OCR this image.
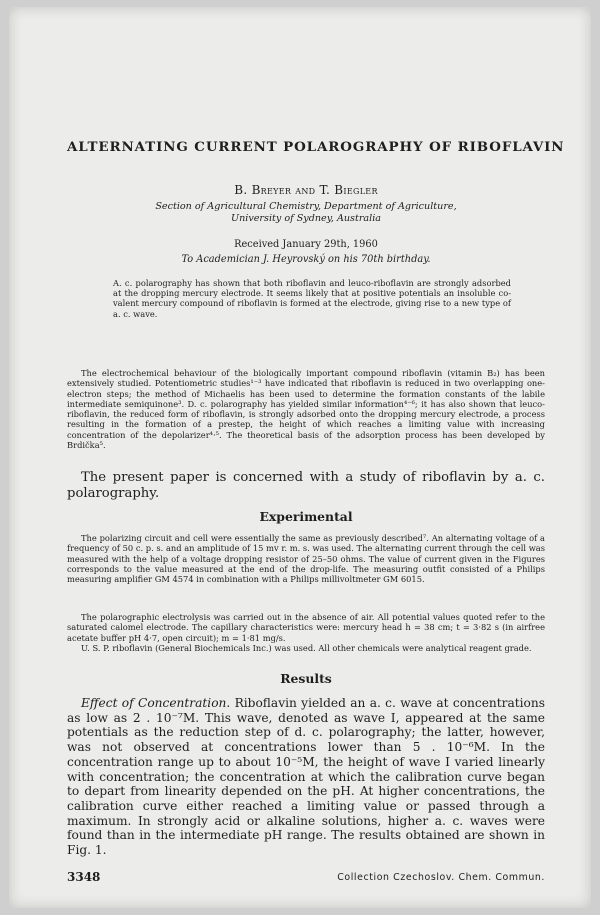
ALTERNATING CURRENT POLAROGRAPHY OF RIBOFLAVIN
B. Breyer and T. Biegler
Section of Agricultural Chemistry, Department of Agriculture,
University of Sydney, Australia
Received January 29th, 1960
To Academician J. Heyrovský on his 70th birthday.
A. c. polarography has shown that both riboflavin and leuco-riboflavin are strongly adsorbed at the dropping mercury electrode. It seems likely that at positive potentials an insoluble co-valent mercury compound of riboflavin is formed at the electrode, giving rise to a new type of a. c. wave.

The electrochemical behaviour of the biologically important compound riboflavin (vitamin B₂) has been extensively studied. Potentiometric studies¹⁻³ have indicated that riboflavin is reduced in two overlapping one-electron steps; the method of Michaelis has been used to determine the formation constants of the labile intermediate semiquinone³. D. c. polarography has yielded similar information⁴⁻⁶; it has also shown that leuco-riboflavin, the reduced form of riboflavin, is strongly adsorbed onto the dropping mercury electrode, a process resulting in the formation of a prestep, the height of which reaches a limiting value with increasing concentration of the depolarizer⁴·⁵. The theoretical basis of the adsorption process has been developed by Brdička⁵.

The present paper is concerned with a study of riboflavin by a. c. polarography.

Experimental

The polarizing circuit and cell were essentially the same as previously described⁷. An alternating voltage of a frequency of 50 c. p. s. and an amplitude of 15 mv r. m. s. was used. The alternating current through the cell was measured with the help of a voltage dropping resistor of 25–50 ohms. The value of current given in the Figures corresponds to the value measured at the end of the drop-life. The measuring outfit consisted of a Philips measuring amplifier GM 4574 in combination with a Philips millivoltmeter GM 6015.

The polarographic electrolysis was carried out in the absence of air. All potential values quoted refer to the saturated calomel electrode. The capillary characteristics were: mercury head h = 38 cm; t = 3·82 s (in airfree acetate buffer pH 4·7, open circuit); m = 1·81 mg/s.

U. S. P. riboflavin (General Biochemicals Inc.) was used. All other chemicals were analytical reagent grade.

Results

Effect of Concentration. Riboflavin yielded an a. c. wave at concentrations as low as 2 . 10⁻⁷M. This wave, denoted as wave I, appeared at the same potentials as the reduction step of d. c. polarography; the latter, however, was not observed at concentrations lower than 5 . 10⁻⁶M. In the concentration range up to about 10⁻⁵M, the height of wave I varied linearly with concentration; the concentration at which the calibration curve began to depart from linearity depended on the pH. At higher concentrations, the calibration curve either reached a limiting value or passed through a maximum. In strongly acid or alkaline solutions, higher a. c. waves were found than in the intermediate pH range. The results obtained are shown in Fig. 1.

3348	Collection Czechoslov. Chem. Commun.
